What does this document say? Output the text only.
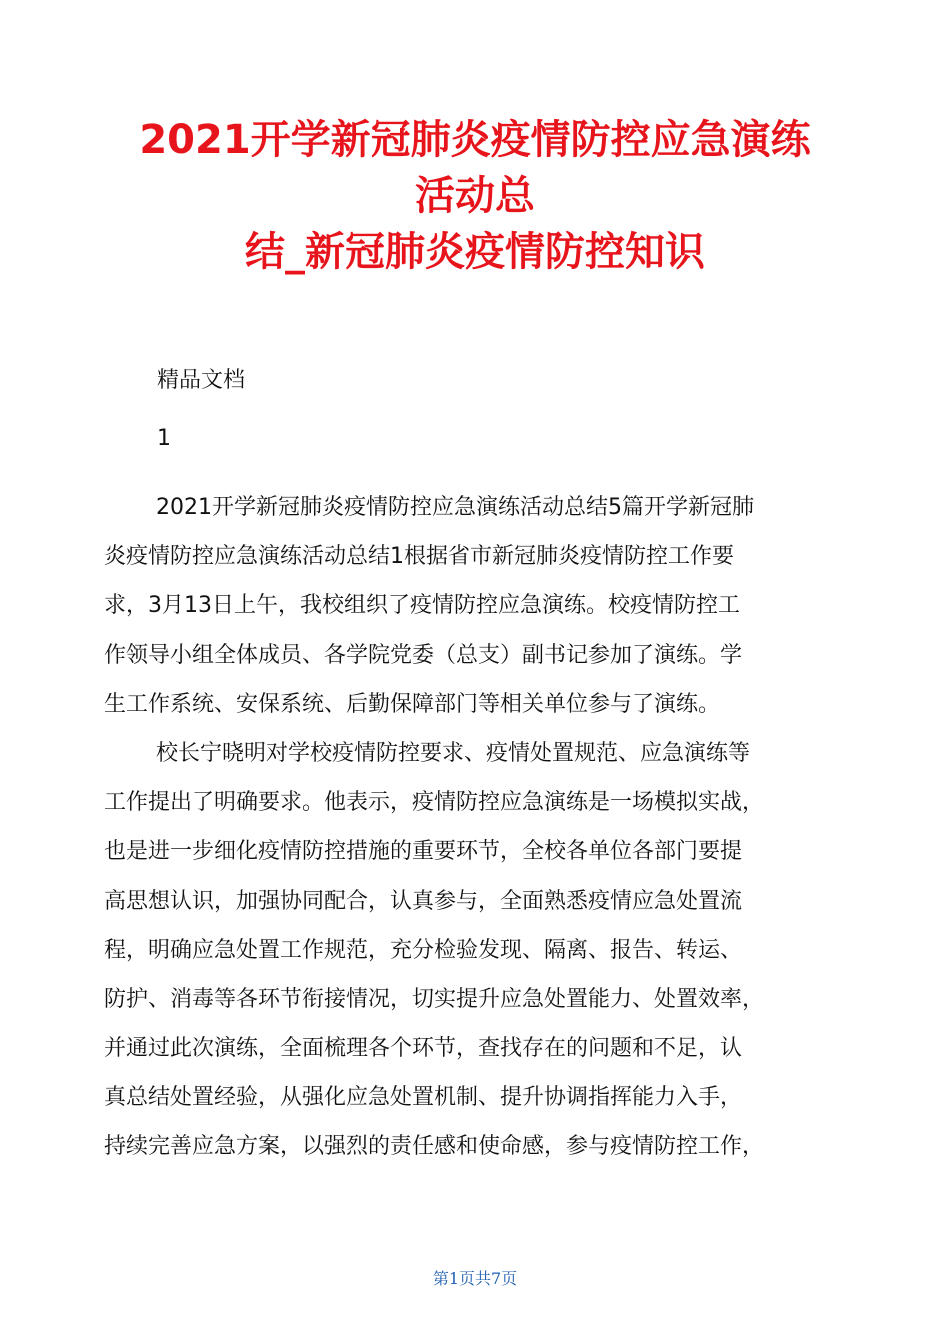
2021开学新冠肺炎疫情防控应急演练
活动总
结_新冠肺炎疫情防控知识
精品文档
1
2021开学新冠肺炎疫情防控应急演练活动总结5篇开学新冠肺
炎疫情防控应急演练活动总结1根据省市新冠肺炎疫情防控工作要
求，3月13日上午，我校组织了疫情防控应急演练。校疫情防控工
作领导小组全体成员、各学院党委（总支）副书记参加了演练。学
生工作系统、安保系统、后勤保障部门等相关单位参与了演练。
校长宁晓明对学校疫情防控要求、疫情处置规范、应急演练等
工作提出了明确要求。他表示，疫情防控应急演练是一场模拟实战，
也是进一步细化疫情防控措施的重要环节，全校各单位各部门要提
高思想认识，加强协同配合，认真参与，全面熟悉疫情应急处置流
程，明确应急处置工作规范，充分检验发现、隔离、报告、转运、
防护、消毒等各环节衔接情况，切实提升应急处置能力、处置效率，
并通过此次演练，全面梳理各个环节，查找存在的问题和不足，认
真总结处置经验，从强化应急处置机制、提升协调指挥能力入手，
持续完善应急方案，以强烈的责任感和使命感，参与疫情防控工作，
第1页共7页
